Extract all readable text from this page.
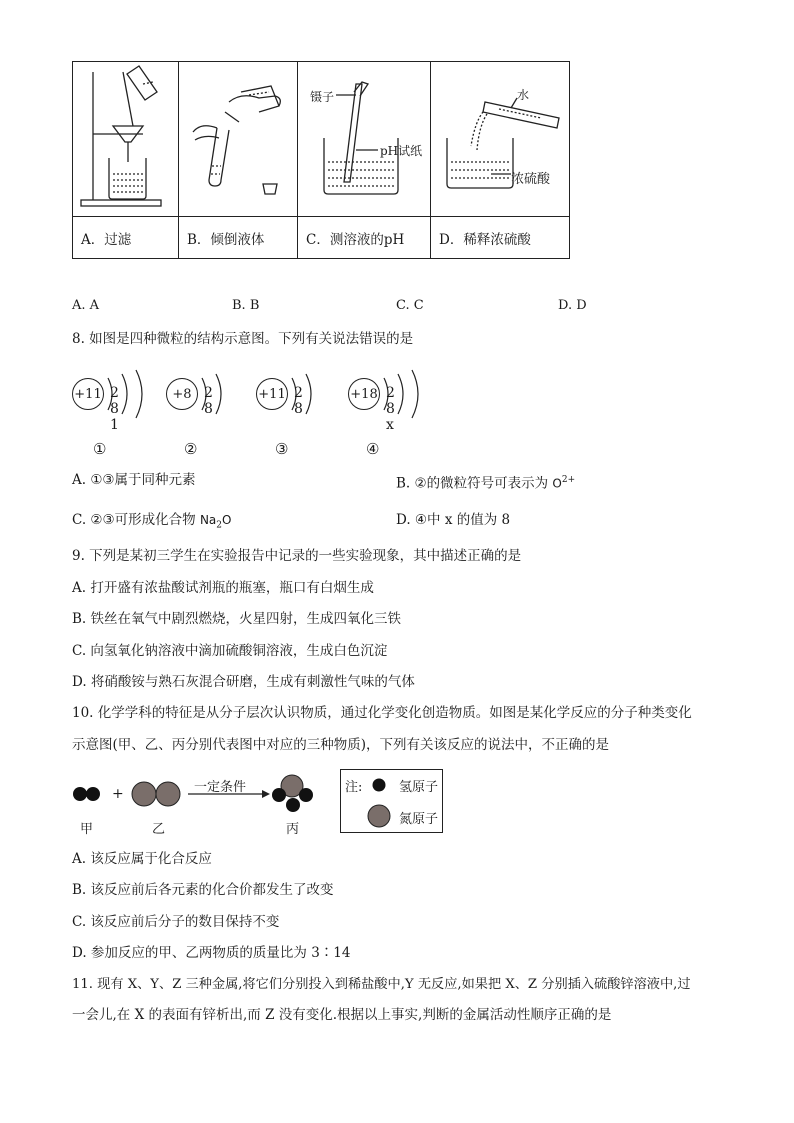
镊子
pH试纸
水
浓硫酸
A．过滤	B．倾倒液体	C．测溶液的pH	D．稀释浓硫酸
A. A	B. B	C. C	D. D
8. 如图是四种微粒的结构示意图。下列有关说法错误的是
+11 2 8 1
+8 2 8
+11 2 8
+18 2 8 x
①	②	③	④
A. ①③属于同种元素	B. ②的微粒符号可表示为 $O^{2+}$
C. ②③可形成化合物 $Na_2O$	D. ④中 x 的值为 8
9. 下列是某初三学生在实验报告中记录的一些实验现象，其中描述正确的是
A. 打开盛有浓盐酸试剂瓶的瓶塞，瓶口有白烟生成
B. 铁丝在氧气中剧烈燃烧，火星四射，生成四氧化三铁
C. 向氢氧化钠溶液中滴加硫酸铜溶液，生成白色沉淀
D. 将硝酸铵与熟石灰混合研磨，生成有刺激性气味的气体
10. 化学学科的特征是从分子层次认识物质，通过化学变化创造物质。如图是某化学反应的分子种类变化
示意图(甲、乙、丙分别代表图中对应的三种物质)，下列有关该反应的说法中，不正确的是
+	一定条件
甲	乙	丙
注:	氢原子
氮原子
A. 该反应属于化合反应
B. 该反应前后各元素的化合价都发生了改变
C. 该反应前后分子的数目保持不变
D. 参加反应的甲、乙两物质的质量比为 3∶14
11. 现有 X、Y、Z 三种金属,将它们分别投入到稀盐酸中,Y 无反应,如果把 X、Z 分别插入硫酸锌溶液中,过
一会儿,在 X 的表面有锌析出,而 Z 没有变化.根据以上事实,判断的金属活动性顺序正确的是
